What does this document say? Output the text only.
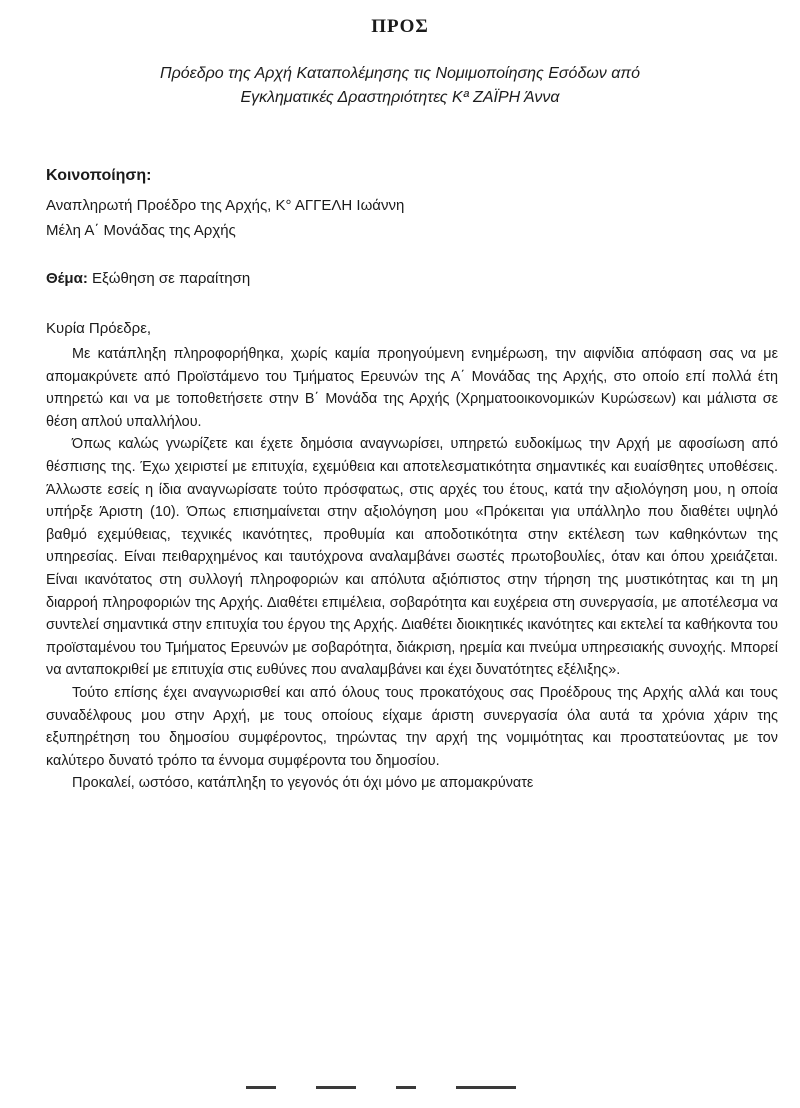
ΠΡΟΣ
Πρόεδρο της Αρχή Καταπολέμησης τις Νομιμοποίησης Εσόδων από
Εγκληματικές Δραστηριότητες Κª ΖΑΪΡΗ Άννα
Κοινοποίηση:
Αναπληρωτή Προέδρο της Αρχής, Κ° ΑΓΓΕΛΗ Ιωάννη
Μέλη Α΄ Μονάδας της Αρχής
Θέμα: Εξώθηση σε παραίτηση
Κυρία Πρόεδρε,

Με κατάπληξη πληροφορήθηκα, χωρίς καμία προηγούμενη ενημέρωση, την αιφνίδια απόφαση σας να με απομακρύνετε από Προϊστάμενο του Τμήματος Ερευνών της Α΄ Μονάδας της Αρχής, στο οποίο επί πολλά έτη υπηρετώ και να με τοποθετήσετε στην Β΄ Μονάδα της Αρχής (Χρηματοοικονομικών Κυρώσεων) και μάλιστα σε θέση απλού υπαλλήλου.

Όπως καλώς γνωρίζετε και έχετε δημόσια αναγνωρίσει, υπηρετώ ευδοκίμως την Αρχή με αφοσίωση από θέσπισης της. Έχω χειριστεί με επιτυχία, εχεμύθεια και αποτελεσματικότητα σημαντικές και ευαίσθητες υποθέσεις. Άλλωστε εσείς η ίδια αναγνωρίσατε τούτο πρόσφατως, στις αρχές του έτους, κατά την αξιολόγηση μου, η οποία υπήρξε Άριστη (10). Όπως επισημαίνεται στην αξιολόγηση μου «Πρόκειται για υπάλληλο που διαθέτει υψηλό βαθμό εχεμύθειας, τεχνικές ικανότητες, προθυμία και αποδοτικότητα στην εκτέλεση των καθηκόντων της υπηρεσίας. Είναι πειθαρχημένος και ταυτόχρονα αναλαμβάνει σωστές πρωτοβουλίες, όταν και όπου χρειάζεται. Είναι ικανότατος στη συλλογή πληροφοριών και απόλυτα αξιόπιστος στην τήρηση της μυστικότητας και τη μη διαρροή πληροφοριών της Αρχής. Διαθέτει επιμέλεια, σοβαρότητα και ευχέρεια στη συνεργασία, με αποτέλεσμα να συντελεί σημαντικά στην επιτυχία του έργου της Αρχής. Διαθέτει διοικητικές ικανότητες και εκτελεί τα καθήκοντα του προϊσταμένου του Τμήματος Ερευνών με σοβαρότητα, διάκριση, ηρεμία και πνεύμα υπηρεσιακής συνοχής. Μπορεί να ανταποκριθεί με επιτυχία στις ευθύνες που αναλαμβάνει και έχει δυνατότητες εξέλιξης».

Τούτο επίσης έχει αναγνωρισθεί και από όλους τους προκατόχους σας Προέδρους της Αρχής αλλά και τους συναδέλφους μου στην Αρχή, με τους οποίους είχαμε άριστη συνεργασία όλα αυτά τα χρόνια χάριν της εξυπηρέτηση του δημοσίου συμφέροντος, τηρώντας την αρχή της νομιμότητας και προστατεύοντας με τον καλύτερο δυνατό τρόπο τα έννομα συμφέροντα του δημοσίου.

Προκαλεί, ωστόσο, κατάπληξη το γεγονός ότι όχι μόνο με απομακρύνατε
